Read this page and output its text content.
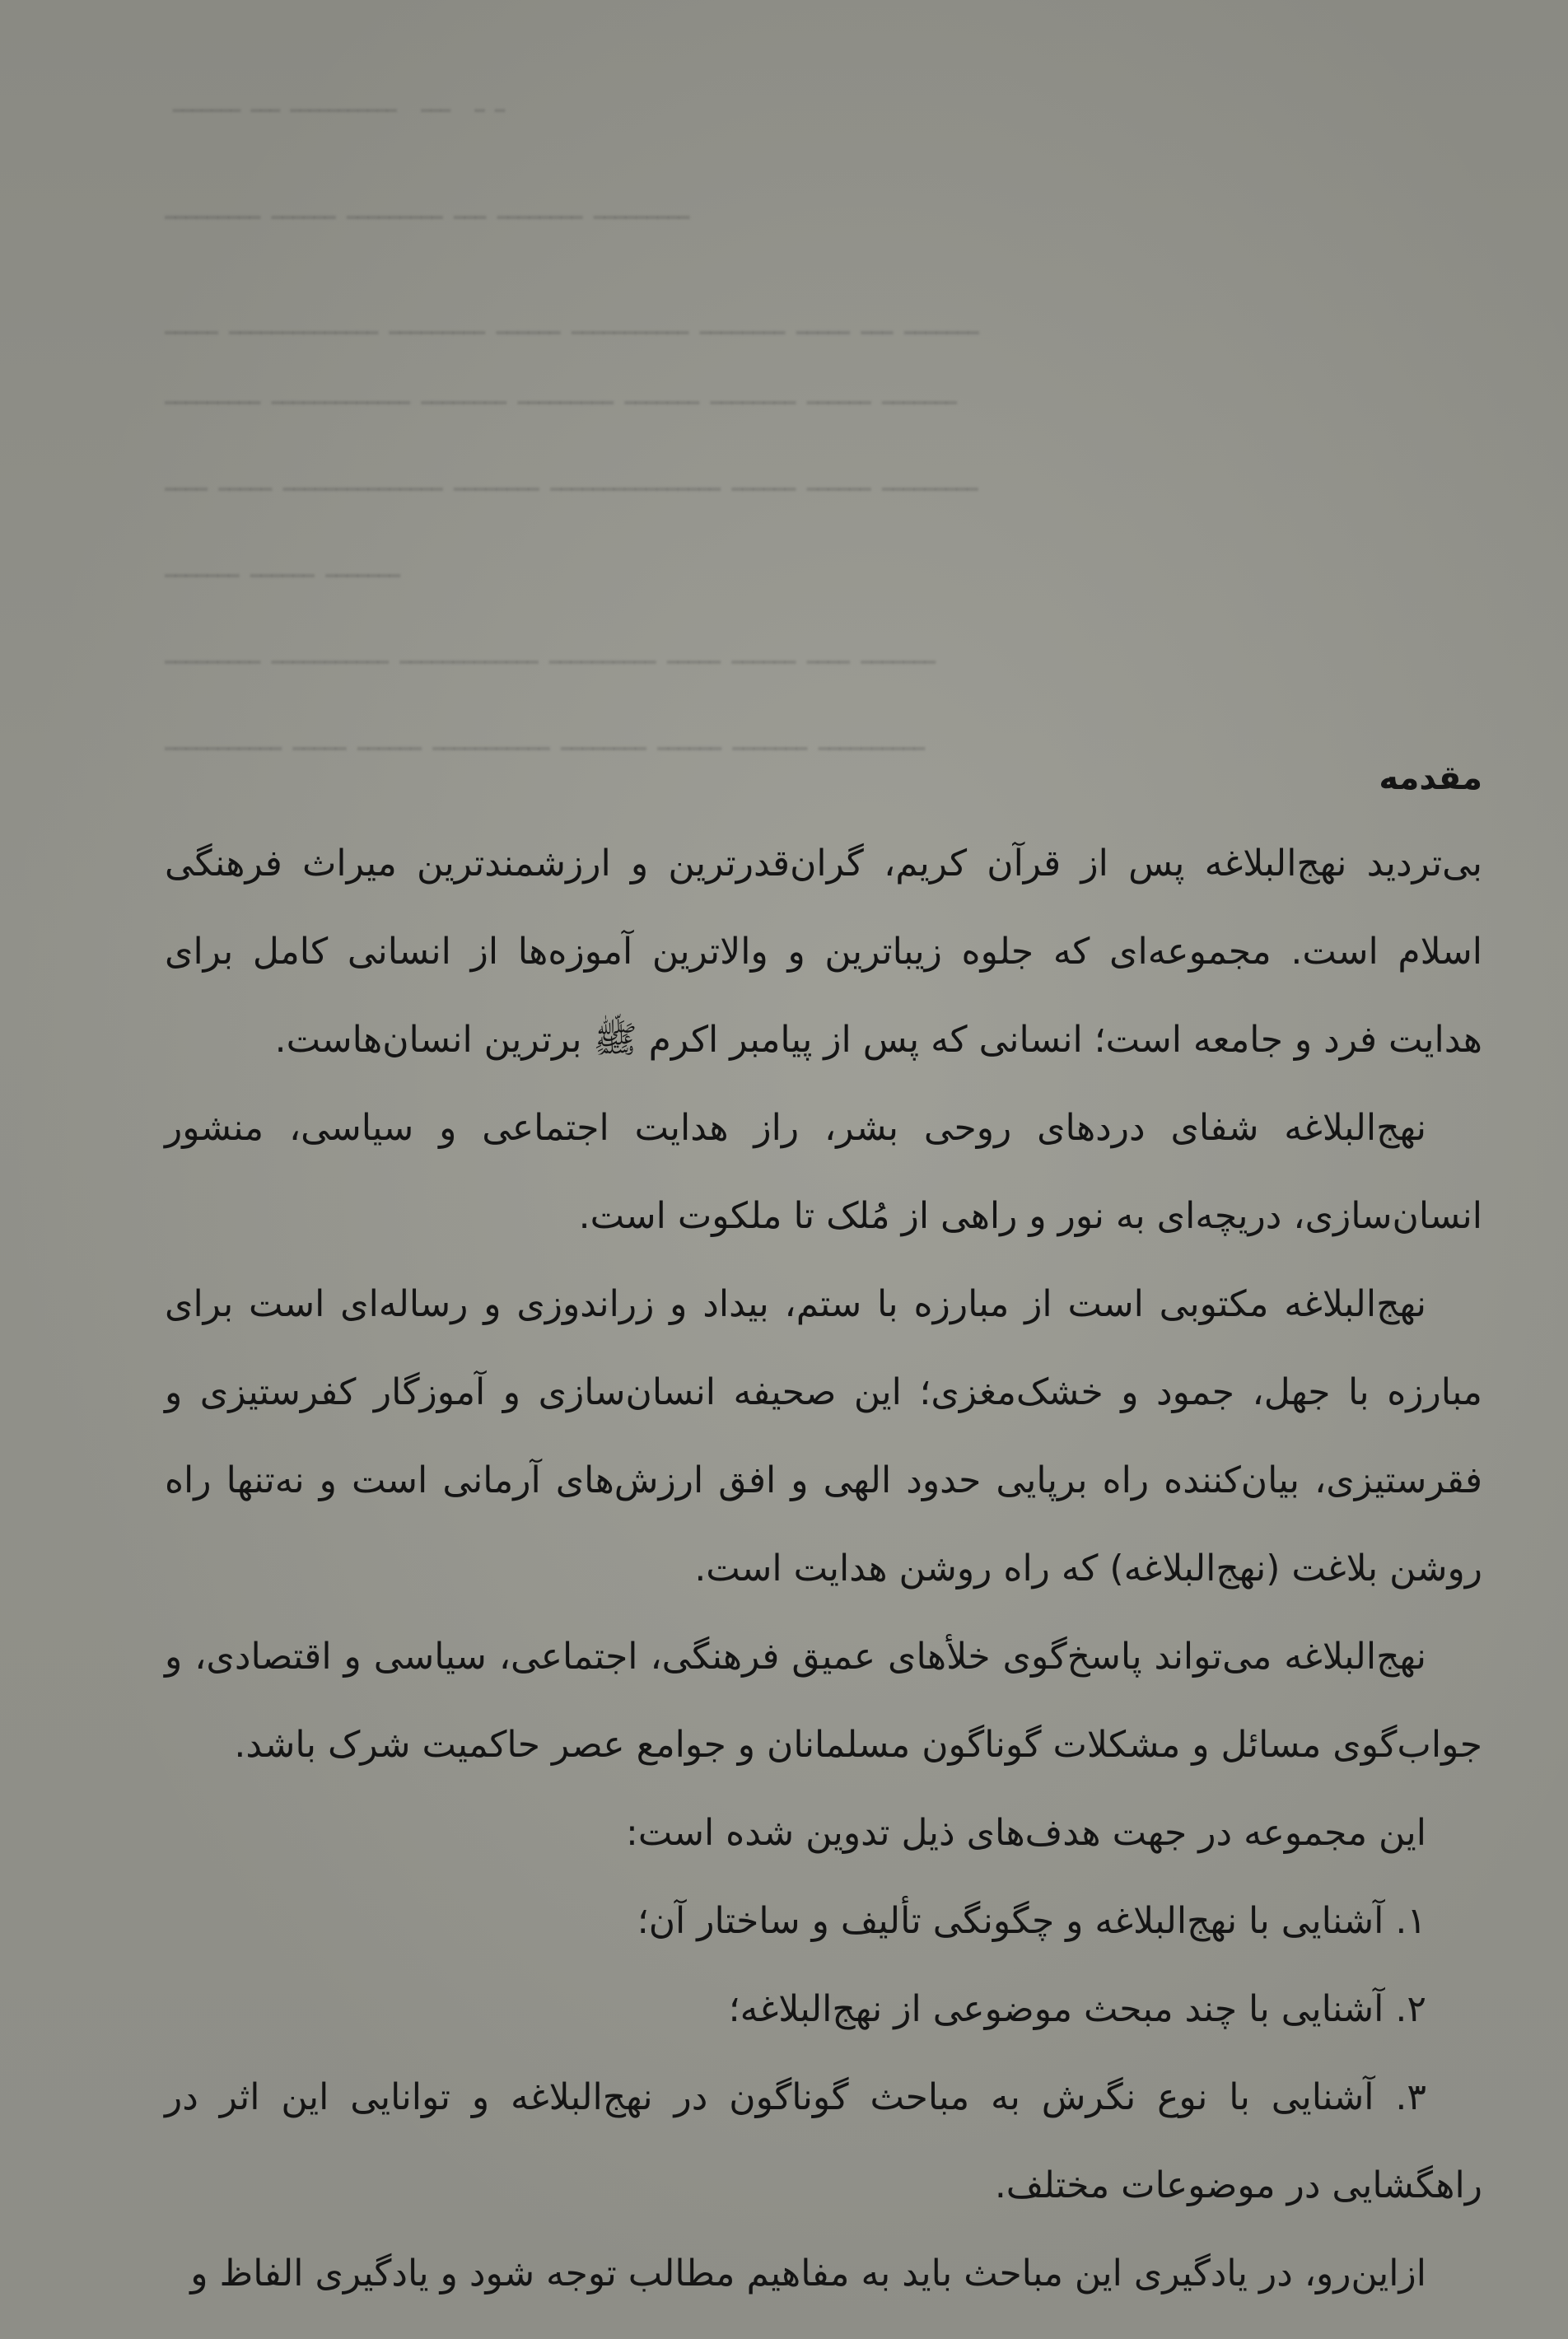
ـــــــ ـــ ـــــــــــ ـــ ـ ـ
ـــــــــ ــــــ ـــــــــ ـــ ــــــــ ـــــــــ
ـــــ ــــــــــــــ ـــــــــ ــــــ ـــــــــــ ــــــــ ـــــ ـــ ـــــــ
ـــــــــ ـــــــــــــ ــــــــ ـــــــــ ـــــــ ــــــــ ــــــ ـــــــ
ــــ ـــــ ـــــــــــــــ ــــــــ ــــــــــــــــ ــــــ ــــــ ـــــــــ
ـــــــ ــــــ ـــــــ
ـــــــــ ـــــــــــ ـــــــــــــ ــــــــــ ـــــ ــــــ ــــ ـــــــ
ـــــــــــ ـــــ ــــــ ـــــــــــ ــــــــ ــــــ ـــــــ ــــــــــ
مقدمه

بی‌تردید نهج‌البلاغه پس از قرآن کریم، گران‌قدرترین و ارزشمندترین میراث فرهنگی اسلام است. مجموعه‌ای که جلوه زیباترین و والاترین آموزه‌ها از انسانی کامل برای هدایت فرد و جامعه است؛ انسانی که پس از پیامبر اکرم ﷺ برترین انسان‌هاست.

نهج‌البلاغه شفای دردهای روحی بشر، راز هدایت اجتماعی و سیاسی، منشور انسان‌سازی، دریچه‌ای به نور و راهی از مُلک تا ملکوت است.

نهج‌البلاغه مکتوبی است از مبارزه با ستم، بیداد و زراندوزی و رساله‌ای است برای مبارزه با جهل، جمود و خشک‌مغزی؛ این صحیفه انسان‌سازی و آموزگار کفرستیزی و فقرستیزی، بیان‌کننده راه برپایی حدود الهی و افق ارزش‌های آرمانی است و نه‌تنها راه روشن بلاغت (نهج‌البلاغه) که راه روشن هدایت است.

نهج‌البلاغه می‌تواند پاسخ‌گوی خلأهای عمیق فرهنگی، اجتماعی، سیاسی و اقتصادی، و جواب‌گوی مسائل و مشکلات گوناگون مسلمانان و جوامع عصر حاکمیت شرک باشد.

این مجموعه در جهت هدف‌های ذیل تدوین شده است:

۱. آشنایی با نهج‌البلاغه و چگونگی تألیف و ساختار آن؛

۲. آشنایی با چند مبحث موضوعی از نهج‌البلاغه؛

۳. آشنایی با نوع نگرش به مباحث گوناگون در نهج‌البلاغه و توانایی این اثر در راهگشایی در موضوعات مختلف.

ازاین‌رو، در یادگیری این مباحث باید به مفاهیم مطالب توجه شود و یادگیری الفاظ و
